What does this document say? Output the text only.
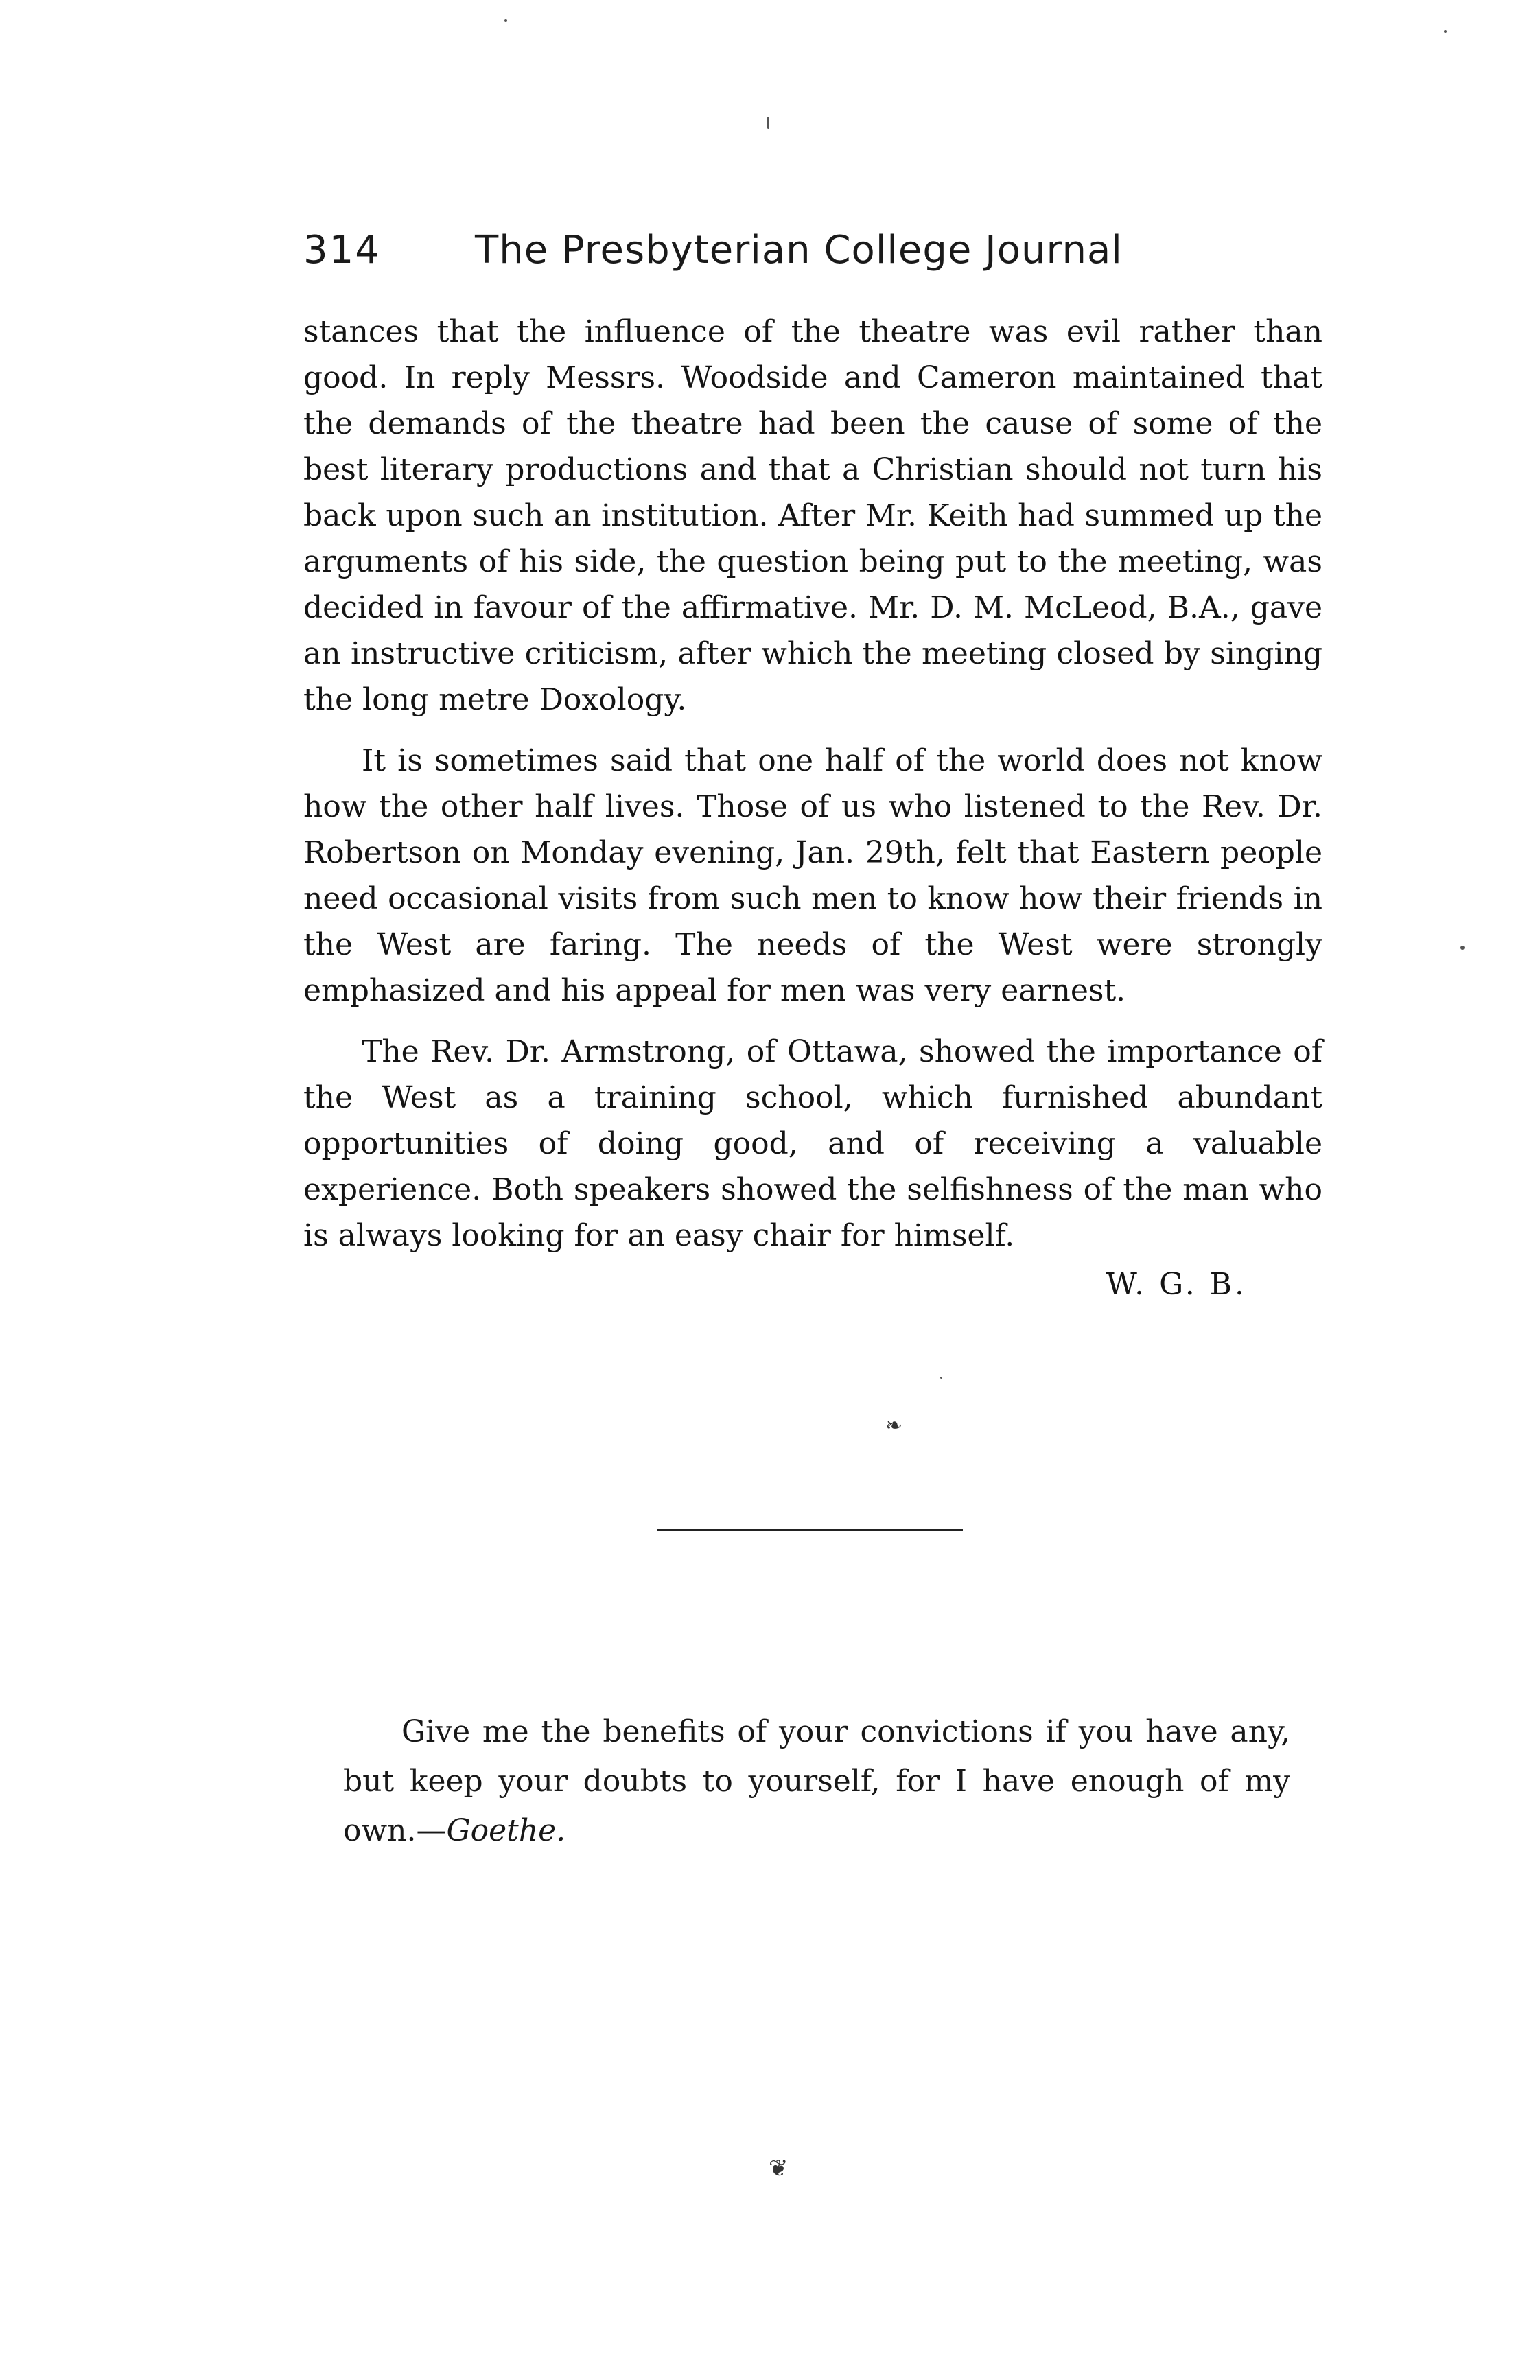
314 The Presbyterian College Journal

stances that the influence of the theatre was evil rather than good. In reply Messrs. Woodside and Cameron maintained that the demands of the theatre had been the cause of some of the best literary productions and that a Christian should not turn his back upon such an institution. After Mr. Keith had summed up the arguments of his side, the question being put to the meeting, was decided in favour of the affirmative. Mr. D. M. McLeod, B.A., gave an instructive criticism, after which the meeting closed by singing the long metre Doxology.

It is sometimes said that one half of the world does not know how the other half lives. Those of us who listened to the Rev. Dr. Robertson on Monday evening, Jan. 29th, felt that Eastern people need occasional visits from such men to know how their friends in the West are faring. The needs of the West were strongly emphasized and his appeal for men was very earnest.

The Rev. Dr. Armstrong, of Ottawa, showed the importance of the West as a training school, which furnished abundant opportunities of doing good, and of receiving a valuable experience. Both speakers showed the selfishness of the man who is always looking for an easy chair for himself.

W. G. B.

❧

Give me the benefits of your convictions if you have any, but keep your doubts to yourself, for I have enough of my own.—Goethe.

❦
